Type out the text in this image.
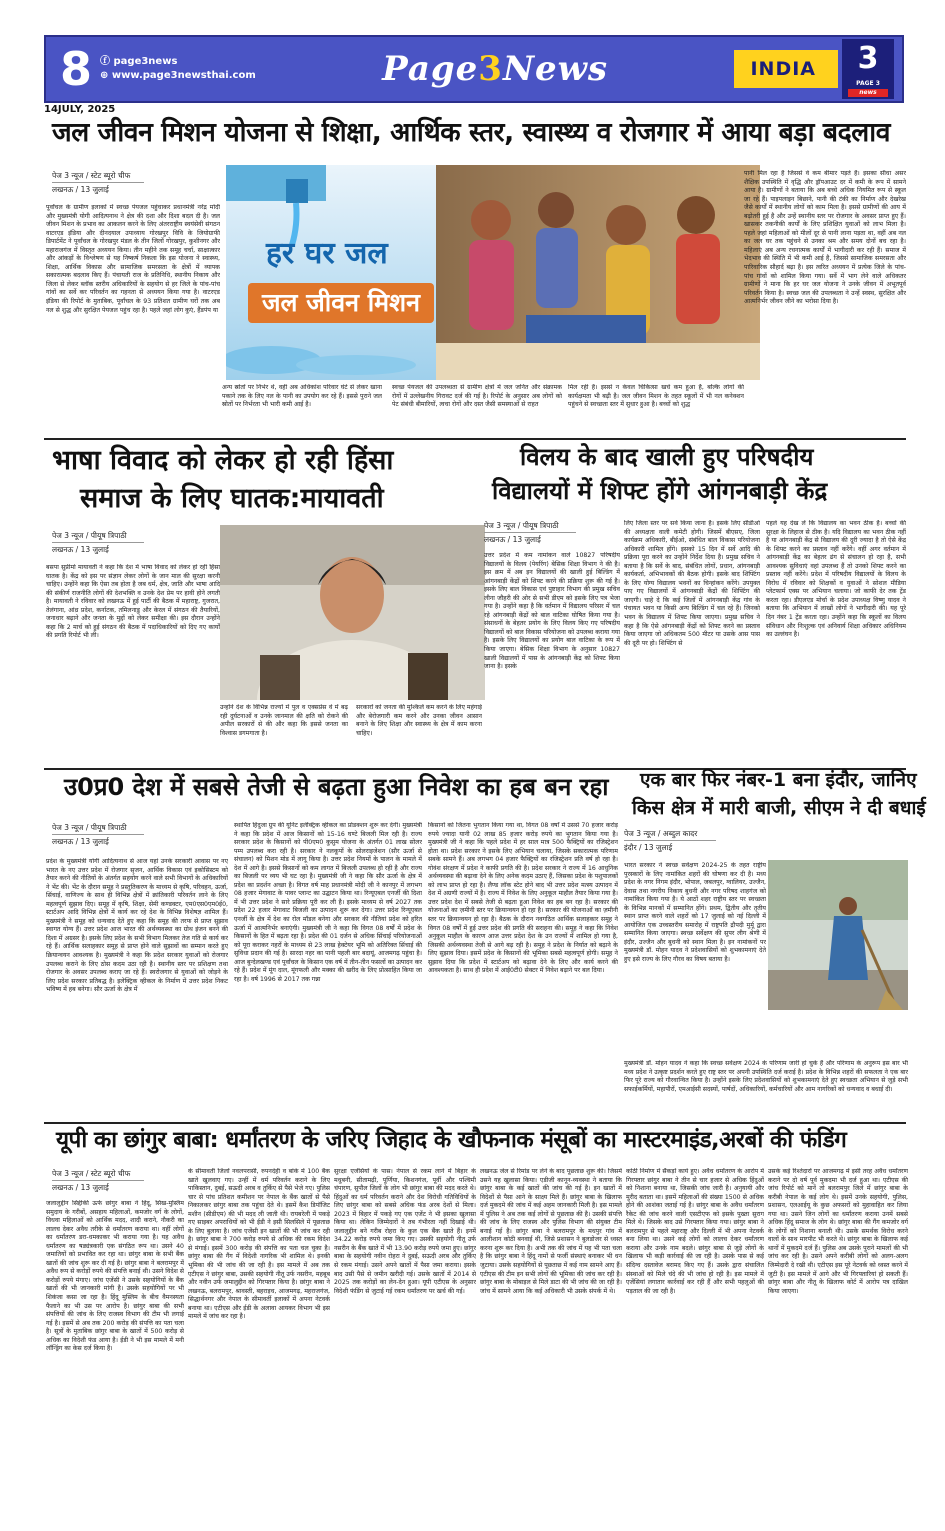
8 ⓕ page3news
⊕ www.page3newsthai.com	Page3News	INDIA	3
PAGE 3
news
14JULY, 2025
जल जीवन मिशन योजना से शिक्षा, आर्थिक स्तर, स्वास्थ्य व रोजगार में आया बड़ा बदलाव
पेज 3 न्यूज / स्टेट ब्यूरो चीफ
लखनऊ / 13 जुलाई
पूर्वांचल के ग्रामीण इलाकों में स्वच्छ पेयजल पहुंचाकर प्रधानमंत्री नरेंद्र मोदी और मुख्यमंत्री योगी आदित्यनाथ ने क्षेत्र की दशा और दिशा बदल दी है। जल जीवन मिशन के प्रभाव का आकलन करने के लिए अंतरराष्ट्रीय स्वयंसेवी संगठन वाटरएड इंडिया और दीनदयाल उपाध्याय गोरखपुर विवि के जियोग्राफी डिपार्टमेंट ने पूर्वांचल के गोरखपुर मंडल के तीन जिलों गोरखपुर, कुशीनगर और महाराजगंज में विस्तृत अध्ययन किया। तीन महीने तक समूह चर्चा, साक्षात्कार और आंकड़ों के विश्लेषण से यह निष्कर्ष निकला कि इस योजना ने स्वास्थ्य, शिक्षा, आर्थिक विकास और सामाजिक समरसता के क्षेत्रों में व्यापक सकारात्मक बदलाव किए हैं। पंचायती राज के प्रतिनिधि, स्थानीय निकाय और जिला से लेकर ब्लॉक स्तरीय अधिकारियों के सहयोग से हर जिले के पांच-पांच गांवों का सर्वे कर परिवर्तन का गहनता से अध्ययन किया गया है। वाटरएड इंडिया की रिपोर्ट के मुताबिक, पूर्वांचल के 93 प्रतिशत ग्रामीण घरों तक अब नल से शुद्ध और सुरक्षित पेयजल पहुंच रहा है। पहले जहां लोग कुएं, हैंडपंप या
हर घर जल
जल जीवन मिशन
अन्य स्रोतों पर निर्भर थे, वहीं अब अधिकांश परिवार घंटे से लेकर खाना पकाने तक के लिए नल के पानी का उपयोग कर रहे हैं। इससे पुराने जल स्रोतों पर निर्भरता भी भारी कमी आई है।
स्वच्छ पेयजल की उपलब्धता से ग्रामीण क्षेत्रों में जल जनित और संक्रामक रोगों में उल्लेखनीय गिरावट दर्ज की गई है। रिपोर्ट के अनुसार अब लोगों को पेट संबंधी बीमारियों, त्वचा रोगों और दस्त जैसी समस्याओं से राहत
मिल रही है। इससे न केवल चिकित्सा खर्च कम हुआ है, बल्कि लोगों की कार्यक्षमता भी बढ़ी है। जल जीवन मिशन के तहत स्कूलों में भी नल कनेक्शन पहुंचने से स्वच्छता स्तर में सुधार हुआ है। बच्चों को शुद्ध
पानी मिल रहा है जिससे वे कम बीमार पड़ते हैं। इसका सीधा असर शैक्षिक उपस्थिति में वृद्धि और ड्रॉपआउट दर में कमी के रूप में सामने आया है। ग्रामीणों ने बताया कि अब बच्चे अधिक नियमित रूप से स्कूल जा रहे हैं। पाइपलाइन बिछाने, पानी की टंकी का निर्माण और देखरेख जैसे कार्यों में स्थानीय लोगों को काम मिला है। इससे ग्रामीणों की आय में बढ़ोतरी हुई है और उन्हें स्थानीय स्तर पर रोजगार के अवसर प्राप्त हुए हैं। खासकर तकनीकी कार्यों के लिए प्रशिक्षित युवाओं को लाभ मिला है। पहले जहां महिलाओं को मीलों दूर से पानी लाना पड़ता था, वहीं अब नल का जल घर तक पहुंचने से उनका श्रम और समय दोनों बच रहा है। महिलाएं अब अन्य रचनात्मक कार्यों में भागीदारी कर रही हैं। समाज में भेदभाव की स्थिति में भी कमी आई है, जिससे सामाजिक समरसता और पारिवारिक सौहार्द बढ़ा है। इस त्वरित अध्ययन में प्रत्येक जिले के पांच-पांच गांवों को शामिल किया गया। सर्वे में भाग लेने वाले अधिकतर ग्रामीणों ने माना कि हर घर जल योजना ने उनके जीवन में अभूतपूर्व परिवर्तन किया है। स्वच्छ जल की उपलब्धता ने उन्हें स्वस्थ, सुरक्षित और आत्मनिर्भर जीवन जीने का भरोसा दिया है।
भाषा विवाद को लेकर हो रही हिंसा
समाज के लिए घातक:मायावती
पेज 3 न्यूज / पीयूष त्रिपाठी
लखनऊ / 13 जुलाई
बसपा सुप्रीमो मायावती ने कहा कि देश में भाषा विवाद को लेकर हो रही हिंसा घातक है। केंद्र को इस पर संज्ञान लेकर लोगों के जान माल की सुरक्षा करनी चाहिए। उन्होंने कहा कि ऐसा तब होता है जब धर्म, क्षेत्र, जाति और भाषा आदि की संकीर्ण राजनीति लोगों की देशभक्ति व उनके देश प्रेम पर हावी होने लगती है। मायावती ने रविवार को लखनऊ में हुई पार्टी की बैठक में महाराष्ट्र, गुजरात, तेलंगाना, आंध्र प्रदेश, कर्नाटक, तमिलनाडु और केरल में संगठन की तैयारियों, जनाधार बढ़ाने और जनता के मुद्दों को लेकर समीक्षा की। इस दौरान उन्होंने कहा कि 2 मार्च को हुई संगठन की बैठक में पदाधिकारियों को दिए गए कार्यों की प्रगति रिपोर्ट भी ली।
उन्होंने देश के विभिन्न राज्यों में पुल व एक्सप्रेस वे में बढ़ रही दुर्घटनाओं व उनके जानमाल की क्षति को रोकने की अपील सरकारों से की और कहा कि इससे जनता का विश्वास डगमगाता है।
सरकारों को जनता की मुश्किलें कम करने के लिए महंगाई और बेरोजगारी कम करने और उनका जीवन आसान बनाने के लिए शिक्षा और स्वास्थ्य के क्षेत्र में काम करना चाहिए।
विलय के बाद खाली हुए परिषदीय
विद्यालयों में शिफ्ट होंगे आंगनबाड़ी केंद्र
पेज 3 न्यूज / पीयूष त्रिपाठी
लखनऊ / 13 जुलाई
उत्तर प्रदेश में कम नामांकन वाले 10827 परिषदीय विद्यालयों के विलय (पेयरिंग) बेसिक शिक्षा विभाग ने की है। इस क्रम में अब इन विद्यालयों की खाली हुई बिल्डिंग में आंगनबाड़ी केंद्रों को शिफ्ट करने की प्रक्रिया शुरू की गई है। इसके लिए बाल विकास एवं पुष्टाहार विभाग की प्रमुख सचिव लीना जौहरी की ओर से सभी डीएम को इसके लिए पत्र भेजा गया है। उन्होंने कहा है कि वर्तमान में विद्यालय परिसर में चल रहे आंगनबाड़ी केंद्रों को बाल वाटिका घोषित किया गया है। संसाधनों के बेहतर प्रयोग के लिए विलय किए गए परिषदीय विद्यालयों को बाल विकास परियोजना को उपलब्ध कराया गया है। इसके लिए विद्यालयों का प्रयोग बाल वाटिका के रूप में किया जाएगा। बेसिक शिक्षा विभाग के अनुसार 10827 खाली विद्यालयों में पास के आंगनबाड़ी केंद्र को शिफ्ट किया जाना है। इसके
लिए जिला स्तर पर सर्वे किया जाना है। इसके लिए सीडीओ की अध्यक्षता वाली कमेटी होगी। जिसमें बीएसए, जिला कार्यक्रम अधिकारी, बीईओ, संबंधित बाल विकास परियोजना अधिकारी शामिल होंगे। इसको 15 दिन में सर्वे आदि की प्रक्रिया पूरा करने का उन्होंने निर्देश दिया है। प्रमुख सचिव ने बताया है कि सर्वे के बाद, संबंधित लोगों, प्रधान, आंगनबाड़ी कार्यकर्ता, अभिभावकों की बैठक होगी। इसके बाद शिफ्टिंग के लिए योग्य विद्यालय भवनों का चिन्हांकन करेंगे। उपयुक्त पाए गए विद्यालयों में आंगनबाड़ी केंद्रों की शिफ्टिंग की जाएगी। चाहे दे कि कई जिलों में आंगनबाड़ी केंद्र गांव के पंचायत भवन या किसी अन्य बिल्डिंग में चल रहे हैं। जिनको भवन के विद्यालय में शिफ्ट किया जाएगा। प्रमुख सचिव ने कहा है कि ऐसे आंगनबाड़ी केंद्रों को शिफ्ट करने का प्रस्ताव किया जाएगा जो अधिकतम 500 मीटर या उसके आस पास की दूरी पर हो। शिफ्टिंग से
पहले यह देख लें कि विद्यालय का भवन ठीक है। बच्चों की सुरक्षा के लिहाज से ठीक है। यदि विद्यालय का भवन ठीक नहीं है या आंगनबाड़ी केंद्र से विद्यालय की दूरी ज्यादा है तो ऐसे केंद्र के शिफ्ट करने का प्रस्ताव नहीं करेंगे। वहीं अगर वर्तमान में आंगनबाड़ी केंद्र का बेहतर ढंग से संचालन हो रहा है, सभी आवश्यक सुविधाएं वहां उपलब्ध हैं तो उनको शिफ्ट करने का प्रस्ताव नहीं करेंगे। प्रदेश में परिषदीय विद्यालयों के विलय के विरोध में रविवार को शिक्षकों व युवाओं ने सोशल मीडिया प्लेटफार्म एक्स पर अभियान चलाया। जो काफी देर तक ट्रेंड करता रहा। डीएलएड मोर्चा के प्रदेश उपाध्यक्ष विष्णु यादव ने बताया कि अभियान में लाखों लोगों ने भागीदारी की। यह पूरे दिन नंबर 1 ट्रेंड करता रहा। उन्होंने कहा कि स्कूलों का विलय संविधान और निःशुल्क एवं अनिवार्य शिक्षा अधिकार अधिनियम का उल्लंघन है।
उ0प्र0 देश में सबसे तेजी से बढ़ता हुआ निवेश का हब बन रहा
पेज 3 न्यूज / पीयूष त्रिपाठी
लखनऊ / 13 जुलाई
प्रदेश के मुख्यमंत्री योगी आदित्यनाथ से आज यहां उनके सरकारी आवास पर नए भारत के नए उत्तर प्रदेश में रोजगार सृजन, आर्थिक विकास एवं इकोसिस्टम को तैयार करने की नीतियों के अंतर्गत सहयोग करने वाले सभी विभागों के अधिकारियों ने भेंट की। भेंट के दौरान समूह ने प्रस्तुतिकरण के माध्यम से कृषि, परिवहन, ऊर्जा, सिंचाई, वाणिज्य के साथ ही विभिन्न क्षेत्रों में क्रांतिकारी परिवर्तन लाने के लिए महत्वपूर्ण सुझाव दिए। समूह में कृषि, शिक्षा, सेमी कण्डक्टर, एम0एस0एम0ई0, स्टार्टअप आदि विभिन्न क्षेत्रों में कार्य कर रहे देश के विभिन्न विशेषज्ञ शामिल हैं। मुख्यमंत्री ने समूह को धन्यवाद देते हुए कहा कि समूह की तरफ से प्राप्त सुझाव स्वागत योग्य हैं। उत्तर प्रदेश आज भारत की अर्थव्यवस्था का ग्रोथ इंजन बनने की दिशा में अग्रसर है। इसके लिए प्रदेश के सभी विभाग मिलकर तेज गति से कार्य कर रहे हैं। आर्थिक सलाहकार समूह से प्राप्त होने वाले सुझावों का सम्मान करते हुए क्रियान्वयन आवश्यक है। मुख्यमंत्री ने कहा कि प्रदेश सरकार युवाओं को रोजगार उपलब्ध कराने के लिए ठोस कदम उठा रही है। स्थानीय स्तर पर प्रशिक्षण तथा रोजगार के अवसर उपलब्ध कराए जा रहे हैं। स्वरोजगार से युवाओं को जोड़ने के लिए प्रदेश सरकार प्रतिबद्ध है। इलेक्ट्रिक व्हीकल के निर्माण में उत्तर प्रदेश निकट भविष्य में हब बनेगा। सौर ऊर्जा के क्षेत्र में
स्थापित हिंदुजा ग्रुप की यूनिट इलेक्ट्रिक व्हीकल का प्रोडक्शन शुरू कर देगी। मुख्यमंत्री ने कहा कि प्रदेश में आज किसानों को 15-16 घण्टे बिजली मिल रही है। राज्य सरकार प्रदेश के किसानों को पी0एम0 कुसुम योजना के अंतर्गत 01 लाख सोलर पम्प उपलब्ध करा रही है। सरकार ने नलकूपों के सोलराइजेशन (सौर ऊर्जा से संचालन) को मिशन मोड में लागू किया है। उत्तर प्रदेश नियमों के पालन के मामले में देश में आगे है। इससे किसानों को कम लागत में बिजली उपलब्ध हो रही है और राज्य का बिजली पर व्यय भी घट रहा है। मुख्यमंत्री जी ने कहा कि सौर ऊर्जा के क्षेत्र में प्रदेश का प्रदर्शन अच्छा है। विगत वर्ष माह प्रधानमंत्री मोदी जी ने कानपुर में लगभग 08 हजार मेगावाट के पावर प्लान्ट का उद्घाटन किया था। रिन्यूएबल एनर्जी की दिशा में भी उत्तर प्रदेश ने सारे प्रक्रिया पूरी कर ली है। इसके माध्यम से वर्ष 2027 तक प्रदेश 22 हजार मेगावाट बिजली का उत्पादन शुरू कर देगा। उत्तर प्रदेश रिन्यूएबल एनर्जी के क्षेत्र में देश का रोल मॉडल बनेगा और सरकार की नीतियां प्रदेश को हरित ऊर्जा में आत्मनिर्भर बनाएंगी। मुख्यमंत्री जी ने कहा कि विगत 08 वर्षों में प्रदेश के किसानों के हित में बढ़ता रहा है। प्रदेश की 01 दर्जन से अधिक सिंचाई परियोजनाओं को पूरा कराकर नहरों के माध्यम से 23 लाख हेक्टेयर भूमि को अतिरिक्त सिंचाई की सुविधा प्रदान की गई है। सारदा नहर का पानी पहली बार बदायूं, आजमगढ़ पहुंचा है। आज बुन्देलखण्ड एवं पूर्वांचल के किसान एक वर्ष में तीन-तीन फसलों का उत्पादन कर रहे हैं। प्रदेश में मूंग दाल, मूंगफली और मक्का की खरीद के लिए प्रोत्साहित किया जा रहा है। वर्ष 1996 से 2017 तक गन्ना
किसानों को जितना भुगतान किया गया था, विगत 08 वर्षों में उससे 70 हजार करोड़ रुपये ज्यादा यानी 02 लाख 85 हजार करोड़ रुपये का भुगतान किया गया है। मुख्यमंत्री जी ने कहा कि पहले प्रदेश में हर साल मात्र 500 फैक्ट्रियों का रजिस्ट्रेशन होता था। प्रदेश सरकार ने इसके लिए अभियान चलाया, जिसके सकारात्मक परिणाम सबके सामने हैं। अब लगभग 04 हजार फैक्ट्रियों का रजिस्ट्रेशन प्रति वर्ष हो रहा है। गोवंश संरक्षण में प्रदेश ने काफी प्रगति की है। प्रदेश सरकार ने राज्य में 16 आधुनिक अर्थव्यवस्था की बढ़ावा देने के लिए अनेक कदम उठाए हैं, जिसका प्रदेश के पशुपालकों को लाभ प्राप्त हो रहा है। लैण्ड लॉक स्टेट होने बाद भी उत्तर प्रदेश मत्स्य उत्पादन में देश में अग्रणी राज्यों में है। राज्य में निवेश के लिए अनुकूल माहौल तैयार किया गया है। उत्तर प्रदेश देश में सबसे तेजी से बढ़ता हुआ निवेश का हब बन रहा है। सरकार की योजनाओं का ज़मीनी स्तर पर क्रियान्वयन हो रहा है। सरकार की योजनाओं का ज़मीनी स्तर पर क्रियान्वयन हो रहा है। बैठक के दौरान नवगठित आर्थिक सलाहकार समूह ने विगत 08 वर्षों में हुई उत्तर प्रदेश की प्रगति की सराहना की। समूह ने कहा कि निवेश अनुकूल माहौल के कारण आज उत्तर प्रदेश देश के उन राज्यों में शामिल हो गया है, जिसकी अर्थव्यवस्था तेजी से आगे बढ़ रही है। समूह ने प्रदेश के निर्यात को बढ़ाने के लिए सुझाव दिया। इसमें प्रदेश के किसानों की भूमिका सबसे महत्वपूर्ण होगी। समूह ने सुझाव दिया कि प्रदेश में स्टार्टअप को बढ़ावा देने के लिए और कार्य करने की आवश्यकता है। साथ ही प्रदेश में आई0टी0 सेक्टर में निवेश बढ़ाने पर बल दिया।
एक बार फिर नंबर-1 बना इंदौर, जानिए
किस क्षेत्र में मारी बाजी, सीएम ने दी बधाई
पेज 3 न्यूज / अब्दुल कादर
इंदौर / 13 जुलाई
भारत सरकार ने स्वच्छ सर्वेक्षण 2024-25 के तहत राष्ट्रीय पुरस्कारों के लिए नामांकित शहरों की घोषणा कर दी है। मध्य प्रदेश के नगर निगम इंदौर, भोपाल, जबलपुर, ग्वालियर, उज्जैन, देवास तथा नगरीय निकाय बुधनी और नगर परिषद शाहगंज को नामांकित किया गया है। ये आठों शहर राष्ट्रीय स्तर पर स्वच्छता के विभिन्न मानकों में सम्मानित होंगे। प्रथम, द्वितीय और तृतीय स्थान प्राप्त करने वाले शहरों को 17 जुलाई को नई दिल्ली में आयोजित एक उच्चस्तरीय समारोह में राष्ट्रपति द्रौपदी मुर्मू द्वारा सम्मानित किया जाएगा। स्वच्छ सर्वेक्षण की सुपर लीग श्रेणी में इंदौर, उज्जैन और बुधनी को स्थान मिला है। इन नामांकनों पर मुख्यमंत्री डॉ. मोहन यादव ने प्रदेशवासियों को शुभकामनाएं देते हुए इसे राज्य के लिए गौरव का विषय बताया है।
मुख्यमंत्री डॉ. मोहन यादव ने कहा कि स्वच्छ सर्वेक्षण 2024 के परिणाम जारी हो चुके हैं और परिणाम के अनुरूप इस बार भी मध्य प्रदेश ने उत्कृष्ट प्रदर्शन करते हुए राष्ट्र स्तर पर अपनी उपस्थिति दर्ज कराई है। प्रदेश के विभिन्न शहरों की सफलता ने एक बार फिर पूरे राज्य को गौरवान्वित किया है। उन्होंने इसके लिए प्रदेशवासियों को शुभकामनाएं देते हुए स्वच्छता अभियान से जुड़े सभी सफाईकर्मियों, महापौरों, एमआईसी सदस्यों, पार्षदों, अधिकारियों, कर्मचारियों और आम नागरिकों को धन्यवाद व बधाई दी।
यूपी का छांगुर बाबा: धर्मांतरण के जरिए जिहाद के खौफनाक मंसूबों का मास्टरमाइंड,अरबों की फंडिंग
पेज 3 न्यूज / स्टेट ब्यूरो चीफ
लखनऊ / 13 जुलाई
जलालुद्दीन सिद्दीकी ऊर्फ छांगुर बाबा ने हिंदू, सिख-मुस्लिम समुदाय के गरीबों, असहाय महिलाओं, कमजोर वर्ग के लोगों, विधवा महिलाओं को आर्थिक मदद, शादी कराने, नौकरी का लालच देकर अवैध तरीके से धर्मांतरण कराया था। वहीं लोगों का धर्मांतरण डरा-धमकाकर भी कराया गया है। यह अवैध धर्मांतरण का षड्यंत्रकारी एक संगठित रूप था। उसने 40 जमातियों को प्रभावित कर रहा था। छांगुर बाबा के सभी बैंक खातों की जांच शुरू कर दी गई है। छांगुर बाबा ने बलरामपुर में अवैध रूप से करोड़ों रुपये की संपत्ति बनाई थी। उसने विदेश से करोड़ों रुपये मंगाए। जांच एजेंसी ने उसके सहयोगियों के बैंक खातों की भी जानकारी मांगी है। उसके सहयोगियों पर भी शिकंजा कसा जा रहा है। हिंदू मुस्लिम के बीच वैमनस्यता फैलाने का भी उस पर आरोप है। छांगुर बाबा की सभी संपत्तियों की जांच के लिए राजस्व विभाग की टीम भी लगाई गई है। इसमें से अब तक 200 करोड़ की संपत्ति का पता चला है। सूत्रों के मुताबिक छांगुर बाबा के खातों में 500 करोड़ से अधिक का विदेशी फंड आया है। ईडी ने भी इस मामले में मनी लॉन्ड्रिंग का केस दर्ज किया है।
के सीमावर्ती जिलों नवलपरासी, रुपनदेही व बांके में 100 बैंक खाते खुलवाए गए। उन्हीं में धर्म परिवर्तन कराने के लिए पाकिस्तान, दुबई, सऊदी अरब व तुर्किए से पैसे भेजे गए। पुलिस चार से पांच प्रतिशत कमीशन पर नेपाल के बैंक खातों से पैसे निकालकर छांगुर बाबा तक पहुंचा देते थे। इसमें कैश डिपॉजिट मशीन (सीडीएम) की भी मदद ली जाती थी। रायबरेली में पकड़े गए साइबर अपराधियों को भी ईडी ने इसी सिलसिले में पूछताछ के लिए बुलाया है। जांच एजेंसी इन खातों की भी जांच कर रही है। छांगुर बाबा ने 700 करोड़ रुपये से अधिक की रकम विदेश से मंगाई। इसमें 300 करोड़ की संपत्ति का पता चल चुका है। छांगुर बाबा की गैंग में विदेशी नागरिक भी शामिल थे। इनकी भूमिका की भी जांच की जा रही है। इस मामले में अब तक एटीएस ने छांगुर बाबा, उसकी सहयोगी नीतू उर्फ नसरीन, महबूब और नवीन उर्फ जमालुद्दीन को गिरफ्तार किया है। छांगुर बाबा ने लखनऊ, बलरामपुर, श्रावस्ती, बहराइच, आजमगढ़, महराजगंज, सिद्धार्थनगर और नेपाल के सीमावर्ती इलाकों में अपना नेटवर्क बनाया था। एटीएस और ईडी के अलावा आयकर विभाग भी इस मामले में जांच कर रहा है।
सुरक्षा एजेंसियों के पास। नेपाल से रकम लाने में बिहार के मधुबनी, सीतामढ़ी, पूर्णिया, किशनगंज, पूर्वी और पश्चिमी चंपारण, सुपौल जिलों के लोग भी छांगुर बाबा की मदद करते थे। हिंदुओं का धर्म परिवर्तन कराने और देश विरोधी गतिविधियों के लिए छांगुर बाबा को सबसे अधिक फंड अरब देशों से मिला। 2023 में बिहार में पकड़े गए एक एजेंट ने भी इसका खुलासा किया था। लेकिन जिम्मेदारों ने तब गंभीरता नहीं दिखाई थी। जलालुद्दीन बने गरीब रोहरा के कुल एक बैंक खाते हैं। इनमें 34.22 करोड़ रुपये जमा किए गए। उसकी सहयोगी नीतू उर्फ नसरीन के बैंक खाते में भी 13.90 करोड़ रुपये जमा हुए। छांगुर बाबा के सहयोगी नवीन रोहरा ने दुबई, सऊदी अरब और तुर्किए से रकम मंगाई। उसने अपने खातों में पैसा जमा कराया। इसके बाद उसी पैसे से जमीन खरीदी गई। उसके खातों में 2014 से 2025 तक करोड़ों का लेन-देन हुआ। यूपी एटीएस के अनुसार विदेशी फंडिंग से जुटाई गई रकम धर्मांतरण पर खर्च की गई।
लखनऊ जेल से रिमांड पर लेने के बाद पूछताछ शुरू की। जिसमें उसने यह खुलासा किया। एडीजी कानून-व्यवस्था ने बताया कि छांगुर बाबा के कई खातों की जांच की गई है। इन खातों में विदेशों से पैसा आने के साक्ष्य मिले हैं। छांगुर बाबा के खिलाफ दर्ज मुकदमे की जांच में कई अहम जानकारी मिली है। इस मामले में पुलिस ने अब तक कई लोगों से पूछताछ की है। उसकी संपत्ति की जांच के लिए राजस्व और पुलिस विभाग की संयुक्त टीम बनाई गई है। छांगुर बाबा ने बलरामपुर के मधपुर गांव में आलीशान कोठी बनवाई थी, जिसे प्रशासन ने बुलडोजर से ध्वस्त करना शुरू कर दिया है। अभी तक की जांच में यह भी पता चला है कि छांगुर बाबा ने हिंदू नामों से फर्जी संस्थाएं बनाकर भी धन जुटाया। उसके सहयोगियों से पूछताछ में कई नाम सामने आए हैं। एटीएस की टीम इन सभी लोगों की भूमिका की जांच कर रही है। छांगुर बाबा के मोबाइल से मिले डाटा की भी जांच की जा रही है। जांच में सामने आया कि कई अधिकारी भी उसके संपर्क में थे।
कोठी निर्माण में सैंकड़ों कार्य हुए। अवैध धर्मांतरण के आरोप में गिरफ्तार छांगुर बाबा ने तीन से चार हजार से अधिक हिंदुओं को निशाना बनाया था, जिसकी जांच जारी है। अनुयायी और मुरीद बताता था। इसमें महिलाओं की संख्या 1500 से अधिक होने की आशंका जताई गई है। छांगुर बाबा के अवैध धर्मांतरण रैकेट की जांच करने वाली एसटीएफ को इसके पुख्ता सुराग मिले थे। जिसके बाद उसे गिरफ्तार किया गया। छांगुर बाबा ने बलरामपुर से पहले महाराष्ट्र और दिल्ली में भी अपना नेटवर्क बना लिया था। उसने कई लोगों को लालच देकर धर्मांतरण कराया और उनके नाम बदले। छांगुर बाबा से जुड़े लोगों के खिलाफ भी कड़ी कार्रवाई की जा रही है। उसके पास से कई संदिग्ध दस्तावेज बरामद किए गए हैं। उसके द्वारा संचालित संस्थाओं को मिले चंदे की भी जांच हो रही है। इस मामले में एजेंसियां लगातार कार्रवाई कर रही हैं और सभी पहलुओं की पड़ताल की जा रही है।
उसके कई रिश्तेदारों पर आजमगढ़ में इसी तरह अवैध धर्मांतरण कराने पर दो वर्ष पूर्व मुकदमा भी दर्ज हुआ था। एटीएस की जांच रिपोर्ट को मानें तो बलरामपुर जिले में छांगुर बाबा के करीबी नेपाल के कई लोग थे। इसमें उनके सहयोगी, पुलिस, प्रशासन, एलआईयू के कुछ अफसरों को मुहावाहित कर लिया गया था। उसने जिन लोगों का धर्मांतरण कराया उनमें सबसे अधिक हिंदू समाज के लोग थे। छांगुर बाबा की गैंग कमजोर वर्ग के लोगों को निशाना बनाती थी। उसके समर्थक विरोध करने वालों के साथ मारपीट भी करते थे। छांगुर बाबा के खिलाफ कई थानों में मुकदमे दर्ज हैं। पुलिस अब उसके पुराने मामलों की भी जांच कर रही है। उसने अपने करीबी लोगों को अलग-अलग जिम्मेदारी दे रखी थी। एटीएस इस पूरे नेटवर्क को ध्वस्त करने में जुटी है। इस मामले में आगे और भी गिरफ्तारियां हो सकती हैं। छांगुर बाबा और नीतू के खिलाफ कोर्ट में आरोप पत्र दाखिल किया जाएगा।
